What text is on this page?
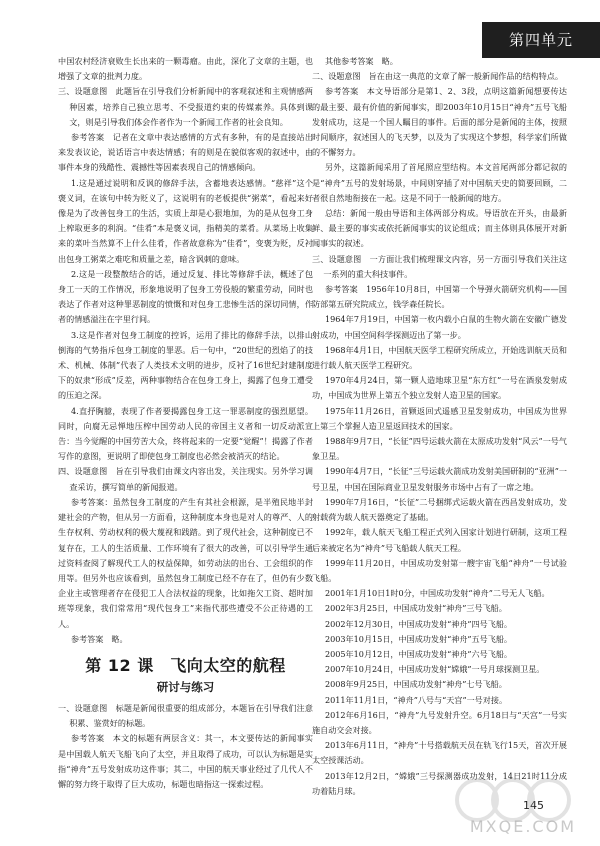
第四单元

中国农村经济衰败生长出来的一颗毒瘤。由此，深化了文章的主题，也增强了文章的批判力度。

三、设题意图　此题旨在引导我们分析新闻中的客观叙述和主观情感两种因素，培养自己独立思考、不受报道约束的传媒素养。具体到课文，则是引导我们体会作者作为一个新闻工作者的社会良知。

参考答案　记者在文章中表达感情的方式有多种，有的是直接站出来发表议论，说话语言中表达情感；有的则是在貌似客观的叙述中，由事件本身的残酷性、震撼性等因素表现自己的情感倾向。

1.这是通过说明和反讽的修辞手法，含蓄地表达感情。“慈祥”这个褒义词，在该句中转为贬义了，这说明有的老板提供“粥菜”，看起来好像是为了改善包身工的生活，实质上却是心狠地加，为的是从包身工身上榨取更多的利润。“佳肴”本是褒义词，指精美的菜肴。从菜场上收集来的菜叶当然算不上什么佳肴，作者故意称为“佳肴”，变褒为贬，反衬出包身工粥菜之难吃和质量之差，暗含讽刺的意味。

2.这是一段整散结合的话，通过反复、排比等修辞手法，概述了包身工一天的工作情况，形象地说明了包身工劳役般的繁重劳动，同时也表达了作者对这种罪恶制度的愤慨和对包身工悲惨生活的深切同情，作者的情感溢注在字里行间。

3.这是作者对包身工制度的控诉，运用了排比的修辞手法，以排山倒海的气势指斥包身工制度的罪恶。后一句中，“20世纪的烈焰了的技术、机械、体制”代表了人类技术文明的进步，反衬了16世纪封建制度下的奴隶“形成”反差，两种事物结合在包身工身上，揭露了包身工遭受的压迫之深。

4.直抒胸臆，表现了作者要揭露包身工这一罪恶制度的强烈愿望。同时，向腐无忌惮地压榨中国劳动人民的帝国主义者和一切反动派宣告：当今觉醒的中国劳苦大众，终将起来的一定要“觉醒”！揭露了作者写作的意图，更说明了即使包身工制度也必然会被消灭的结论。

四、设题意图　旨在引导我们由课文内容出发，关注现实。另外学习调查采访，撰写简单的新闻报道。

参考答案：虽然包身工制度的产生有其社会根源，是半殖民地半封建社会的产物，但从另一方面看，这种制度本身也是对人的尊严、人的生存权利、劳动权利的极大蔑视和践踏。到了现代社会，这种制度已不复存在，工人的生活质量、工作环境有了很大的改善，可以引导学生通过资料查阅了解现代工人的权益保障，如劳动法的出台、工会组织的作用等。但另外也应该看到，虽然包身工制度已经不存在了，但仍有少数企业主或管理者存在侵犯工人合法权益的现象，比如拖欠工资、超时加班等现象，我们常常用“现代包身工”来指代那些遭受不公正待遇的工人。

参考答案　略。

第 12 课　飞向太空的航程
研讨与练习

一、设题意图　标题是新闻很重要的组成部分，本题旨在引导我们注意积累、鉴赏好的标题。

参考答案　本文的标题有两层含义：其一，本文要传达的新闻事实是中国载人航天飞船飞向了太空，并且取得了成功，可以认为标题是实指“神舟”五号发射成功这件事；其二，中国的航天事业经过了几代人不懈的努力终于取得了巨大成功，标题也暗指这一探索过程。

其他参考答案　略。

二、设题意图　旨在由这一典范的文章了解一般新闻作品的结构特点。

参考答案　本文导语部分是第1、2、3段，点明这篇新闻想要传达的最主要、最有价值的新闻事实，即2003年10月15日“神舟”五号飞船发射成功，这是一个国人瞩目的事件。后面的部分是新闻的主体，按照时间顺序，叙述国人的飞天梦，以及为了实现这个梦想，科学家们所做的不懈努力。

另外，这篇新闻采用了首尾照应型结构。本文首尾两部分都记叙的是“神舟”五号的发射场景，中间则穿插了对中国航天史的简要回顾，二者很自然地衔接在一起。这是不同于一般新闻的地方。

总结：新闻一般由导语和主体两部分构成。导语放在开头，由最新鲜、最主要的事实或依托新闻事实的议论组成；而主体则具体展开对新闻事实的叙述。

三、设题意图　一方面让我们梳理课文内容，另一方面引导我们关注这一系列的重大科技事件。

参考答案　1956年10月8日，中国第一个导弹火箭研究机构——国防部第五研究院成立，钱学森任院长。

1964年7月19日，中国第一枚内载小白鼠的生物火箭在安徽广德发射成功，中国空间科学探测迈出了第一步。

1968年4月1日，中国航天医学工程研究所成立，开始选训航天员和进行载人航天医学工程研究。

1970年4月24日，第一颗人造地球卫星“东方红”一号在酒泉发射成功，中国成为世界上第五个独立发射人造卫星的国家。

1975年11月26日，首颗返回式遥感卫星发射成功，中国成为世界上第三个掌握人造卫星返回技术的国家。

1988年9月7日，“长征”四号运载火箭在太原成功发射“风云”一号气象卫星。

1990年4月7日，“长征”三号运载火箭成功发射美国研制的“亚洲”一号卫星，中国在国际商业卫星发射服务市场中占有了一席之地。

1990年7月16日，“长征”二号捆绑式运载火箭在西昌发射成功，发射载荷为载人航天器奠定了基础。

1992年，载人航天飞船工程正式列入国家计划进行研制，这项工程后来被定名为“神舟”号飞船载人航天工程。

1999年11月20日，中国成功发射第一艘宇宙飞船“神舟”一号试验飞船。

2001年1月10日1时0分，中国成功发射“神舟”二号无人飞船。

2002年3月25日，中国成功发射“神舟”三号飞船。

2002年12月30日，中国成功发射“神舟”四号飞船。

2003年10月15日，中国成功发射“神舟”五号飞船。

2005年10月12日，中国成功发射“神舟”六号飞船。

2007年10月24日，中国成功发射“嫦娥”一号月球探测卫星。

2008年9月25日，中国成功发射“神舟”七号飞船。

2011年11月1日，“神舟”八号与“天宫”一号对接。

2012年6月16日，“神舟”九号发射升空。6月18日与“天宫”一号实施自动交会对接。

2013年6月11日，“神舟”十号搭载航天员在轨飞行15天，首次开展太空授课活动。

2013年12月2日，“嫦娥”三号探测器成功发射，14日21时11分成功着陆月球。

145
MXQE.COM
